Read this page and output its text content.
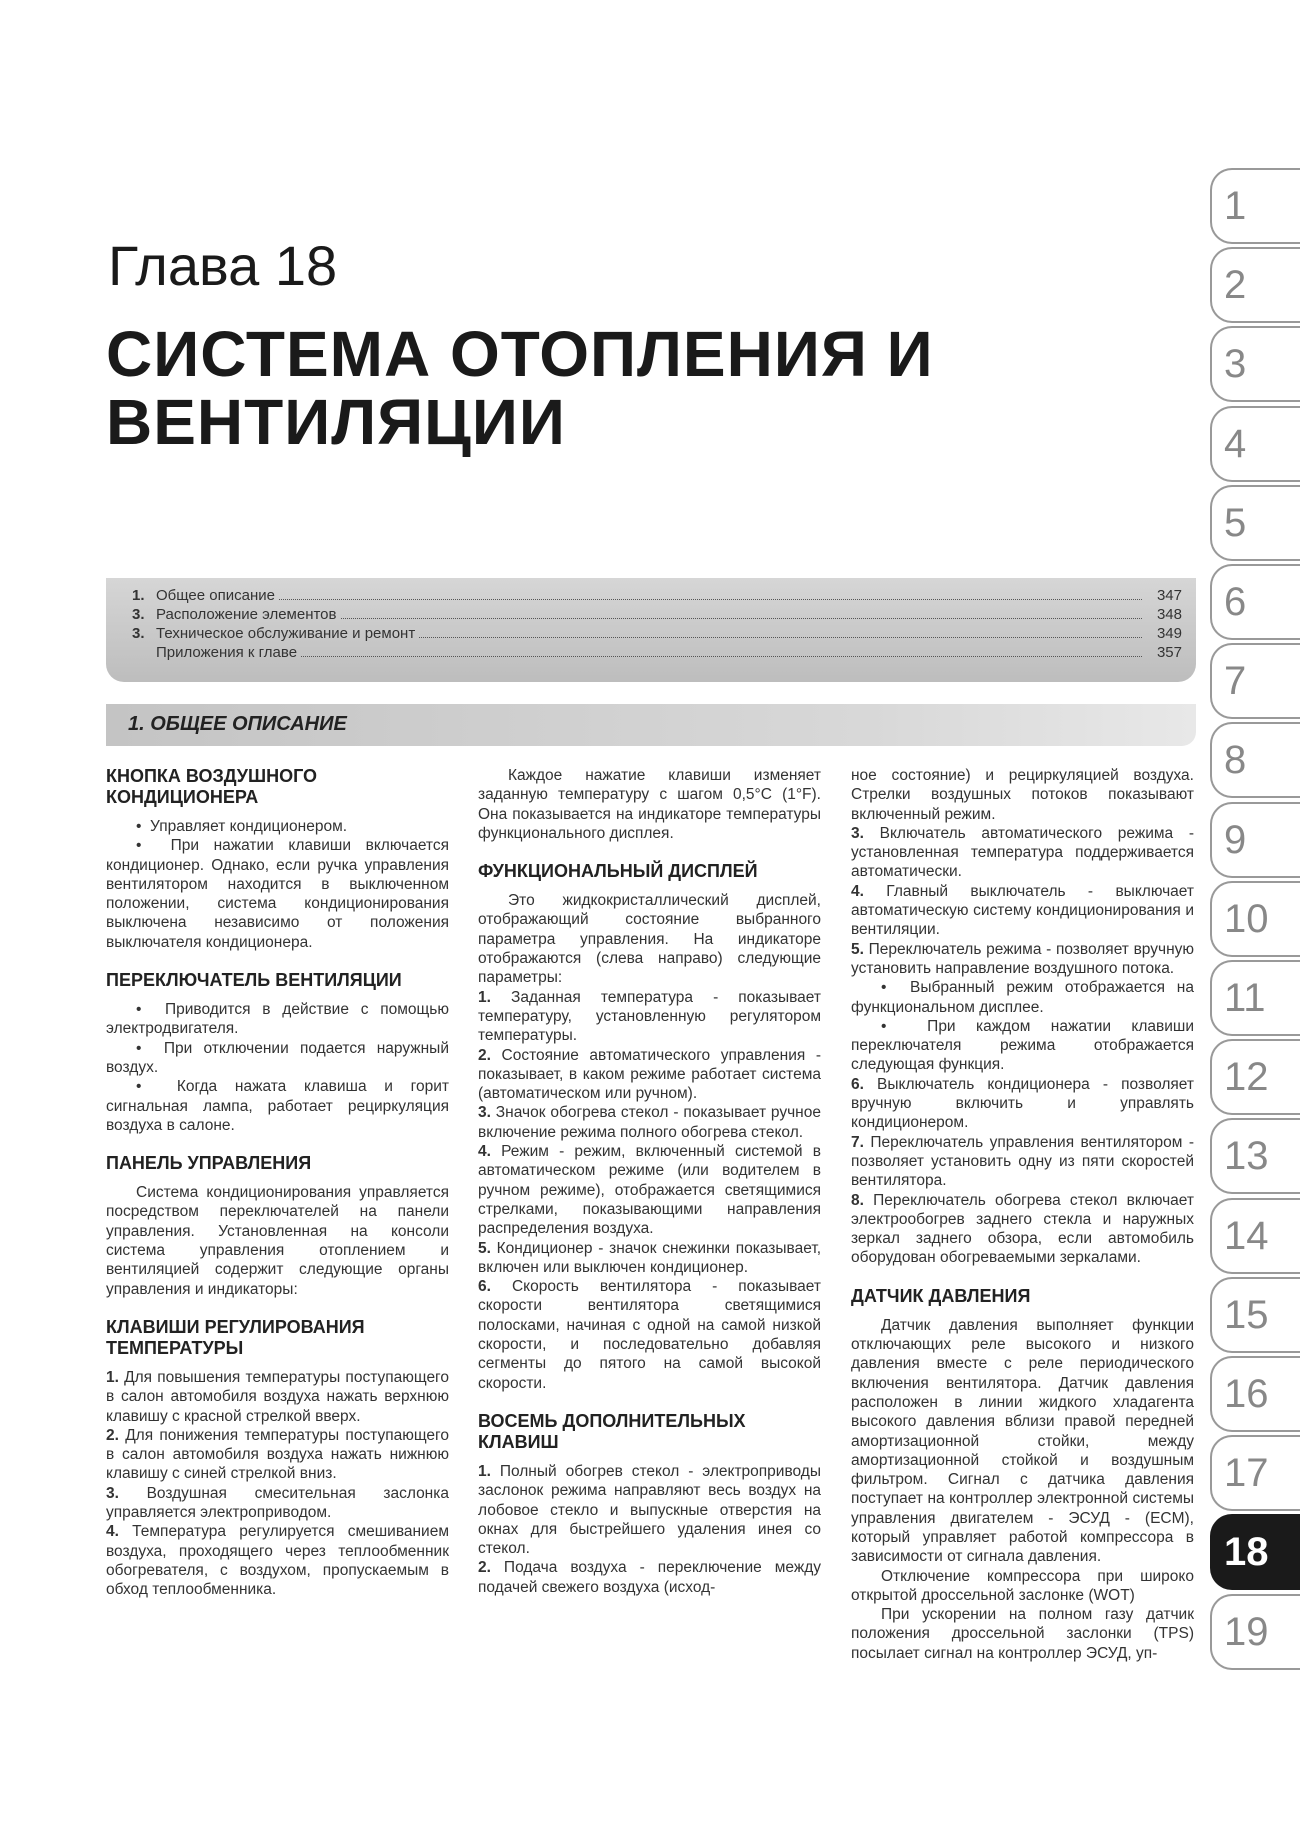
Глава 18
СИСТЕМА ОТОПЛЕНИЯ И
ВЕНТИЛЯЦИИ
1. Общее описание	347
3. Расположение элементов	348
3. Техническое обслуживание и ремонт	349
Приложения к главе	357
1. ОБЩЕЕ ОПИСАНИЕ
КНОПКА ВОЗДУШНОГО КОНДИЦИОНЕРА

•  Управляет кондиционером.

•  При нажатии клавиши включается кондиционер. Однако, если ручка управления вентилятором находится в выключенном положении, система кондиционирования выключена независимо от положения выключателя кондиционера.

ПЕРЕКЛЮЧАТЕЛЬ ВЕНТИЛЯЦИИ

•  Приводится в действие с помощью электродвигателя.

•  При отключении подается наружный воздух.

•  Когда нажата клавиша и горит сигнальная лампа, работает рециркуляция воздуха в салоне.

ПАНЕЛЬ УПРАВЛЕНИЯ

Система кондиционирования управляется посредством переключателей на панели управления. Установленная на консоли система управления отоплением и вентиляцией содержит следующие органы управления и индикаторы:

КЛАВИШИ РЕГУЛИРОВАНИЯ ТЕМПЕРАТУРЫ

1. Для повышения температуры поступающего в салон автомобиля воздуха нажать верхнюю клавишу с красной стрелкой вверх.

2. Для понижения температуры поступающего в салон автомобиля воздуха нажать нижнюю клавишу с синей стрелкой вниз.

3. Воздушная смесительная заслонка управляется электроприводом.

4. Температура регулируется смешиванием воздуха, проходящего через теплообменник обогревателя, с воздухом, пропускаемым в обход теплообменника.

Каждое нажатие клавиши изменяет заданную температуру с шагом 0,5°C (1°F). Она показывается на индикаторе температуры функционального дисплея.

ФУНКЦИОНАЛЬНЫЙ ДИСПЛЕЙ

Это жидкокристаллический дисплей, отображающий состояние выбранного параметра управления. На индикаторе отображаются (слева направо) следующие параметры:

1. Заданная температура - показывает температуру, установленную регулятором температуры.

2. Состояние автоматического управления - показывает, в каком режиме работает система (автоматическом или ручном).

3. Значок обогрева стекол - показывает ручное включение режима полного обогрева стекол.

4. Режим - режим, включенный системой в автоматическом режиме (или водителем в ручном режиме), отображается светящимися стрелками, показывающими направления распределения воздуха.

5. Кондиционер - значок снежинки показывает, включен или выключен кондиционер.

6. Скорость вентилятора - показывает скорости вентилятора светящимися полосками, начиная с одной на самой низкой скорости, и последовательно добавляя сегменты до пятого на самой высокой скорости.

ВОСЕМЬ ДОПОЛНИТЕЛЬНЫХ КЛАВИШ

1. Полный обогрев стекол - электроприводы заслонок режима направляют весь воздух на лобовое стекло и выпускные отверстия на окнах для быстрейшего удаления инея со стекол.

2. Подача воздуха - переключение между подачей свежего воздуха (исход-

ное состояние) и рециркуляцией воздуха. Стрелки воздушных потоков показывают включенный режим.

3. Включатель автоматического режима - установленная температура поддерживается автоматически.

4. Главный выключатель - выключает автоматическую систему кондиционирования и вентиляции.

5. Переключатель режима - позволяет вручную установить направление воздушного потока.

•  Выбранный режим отображается на функциональном дисплее.

•  При каждом нажатии клавиши переключателя режима отображается следующая функция.

6. Выключатель кондиционера - позволяет вручную включить и управлять кондиционером.

7. Переключатель управления вентилятором - позволяет установить одну из пяти скоростей вентилятора.

8. Переключатель обогрева стекол включает электрообогрев заднего стекла и наружных зеркал заднего обзора, если автомобиль оборудован обогреваемыми зеркалами.

ДАТЧИК ДАВЛЕНИЯ

Датчик давления выполняет функции отключающих реле высокого и низкого давления вместе с реле периодического включения вентилятора. Датчик давления расположен в линии жидкого хладагента высокого давления вблизи правой передней амортизационной стойки, между амортизационной стойкой и воздушным фильтром. Сигнал с датчика давления поступает на контроллер электронной системы управления двигателем - ЭСУД - (ECM), который управляет работой компрессора в зависимости от сигнала давления.

Отключение компрессора при широко открытой дроссельной заслонке (WOT)

При ускорении на полном газу датчик положения дроссельной заслонки (TPS) посылает сигнал на контроллер ЭСУД, уп-

1
2
3
4
5
6
7
8
9
10
11
12
13
14
15
16
17
18
19
